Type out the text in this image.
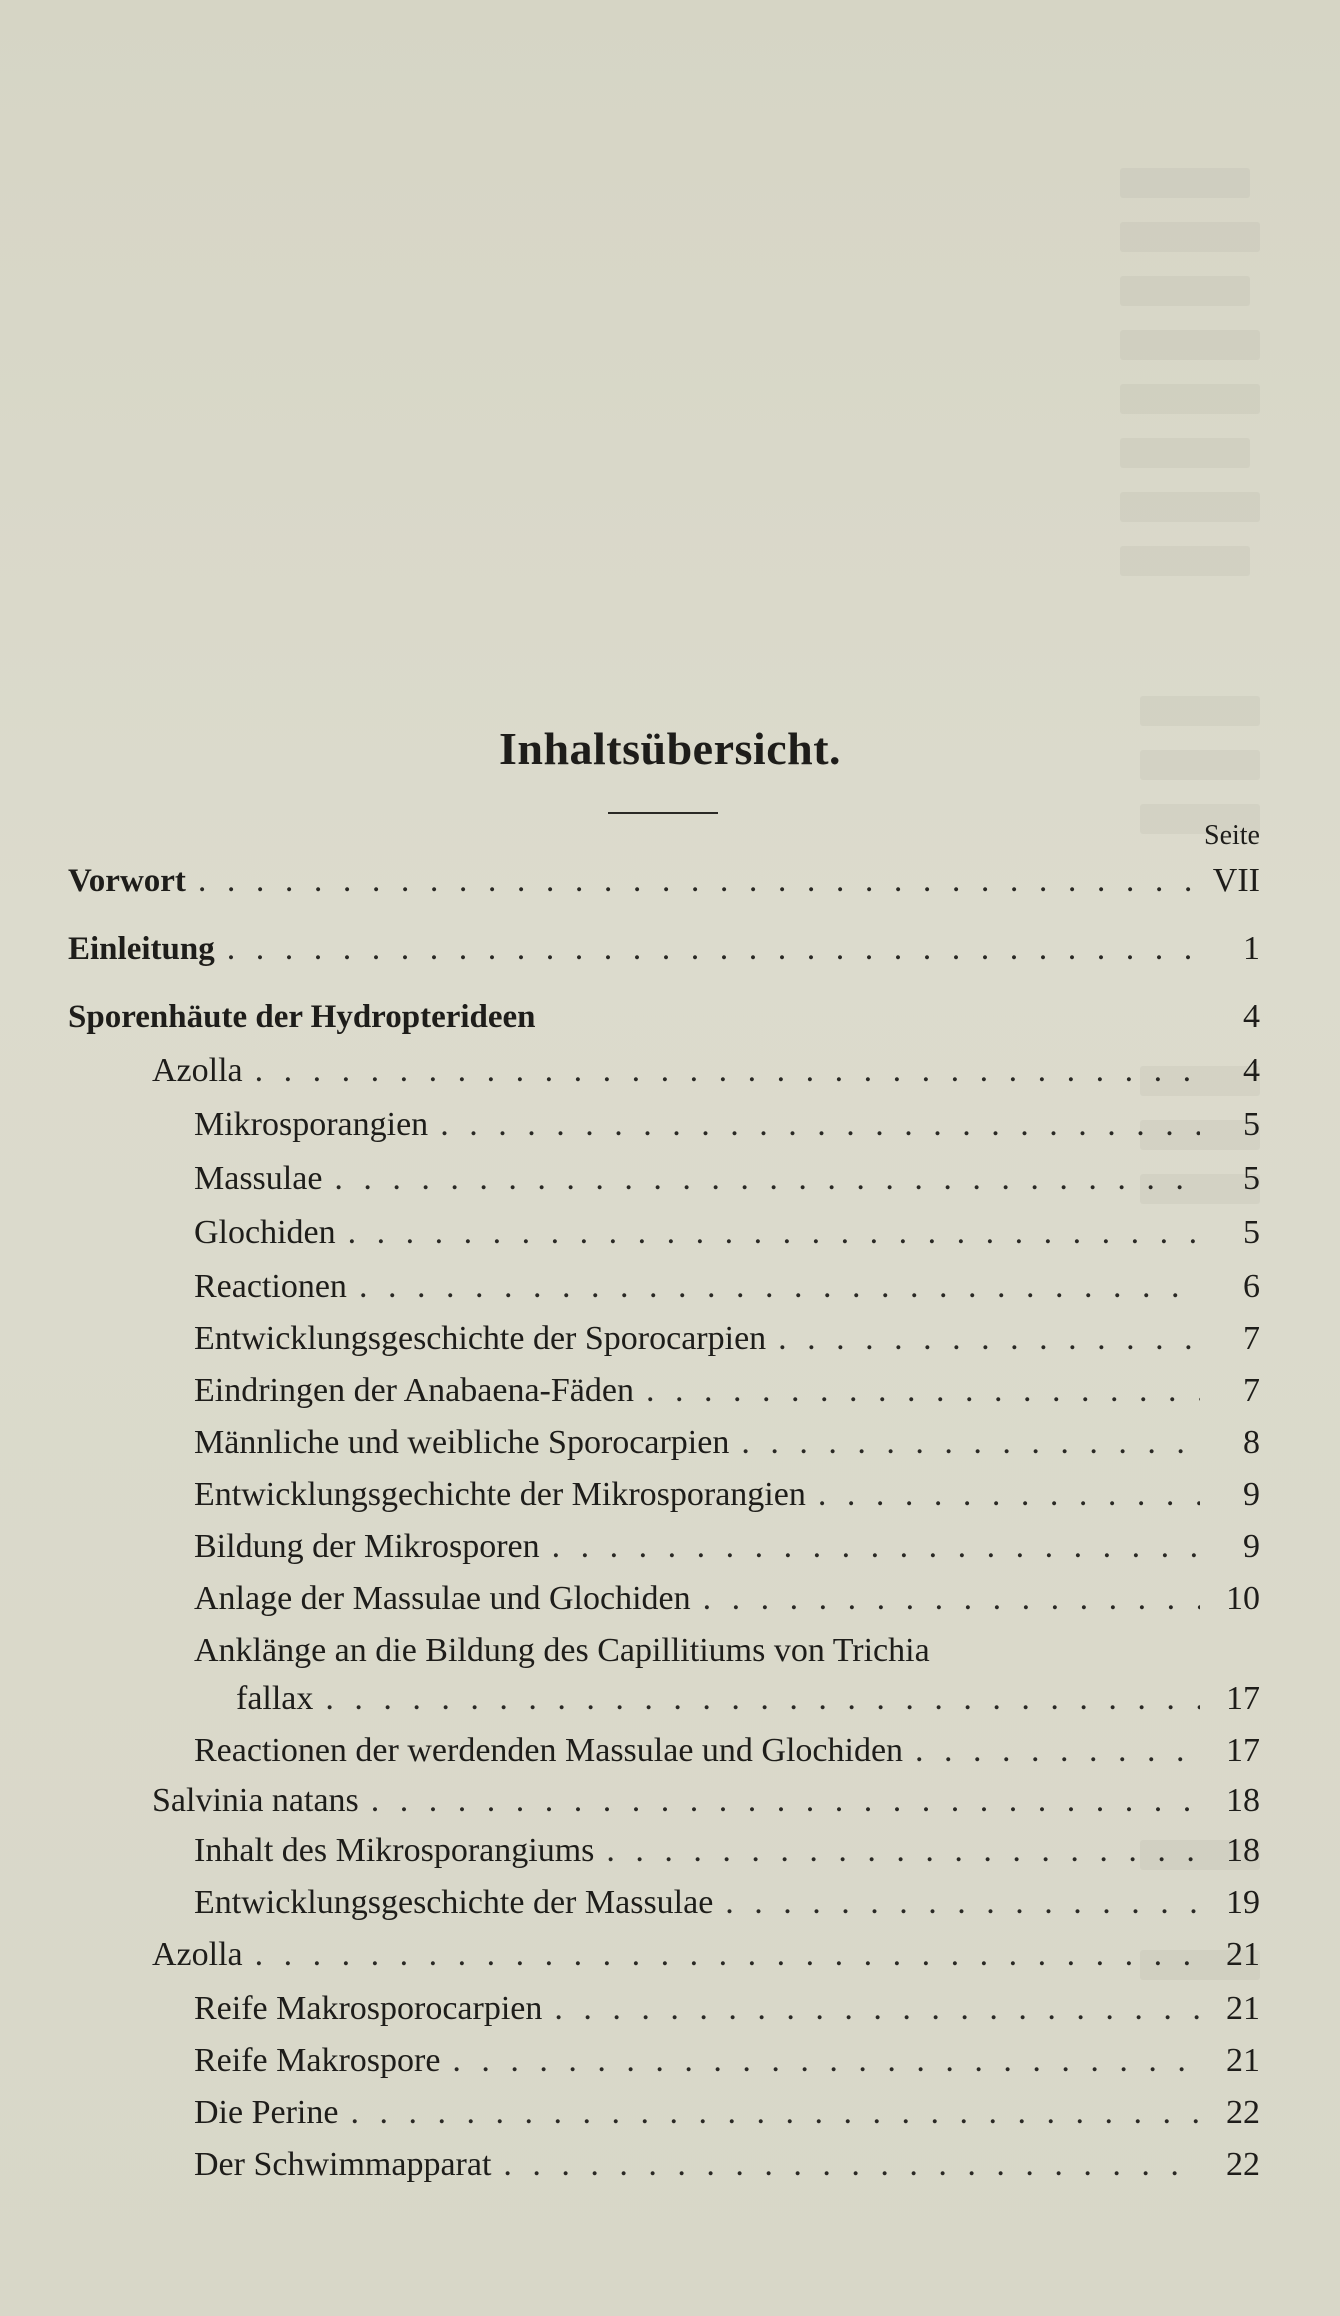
Inhaltsübersicht.
Seite
Vorwort . . .	VII
Einleitung . . .	1
Sporenhäute der Hydropterideen	4
Azolla . . .	4
Mikrosporangien . . .	5
Massulae . . .	5
Glochiden . . .	5
Reactionen . . .	6
Entwicklungsgeschichte der Sporocarpien . . .	7
Eindringen der Anabaena-Fäden . . .	7
Männliche und weibliche Sporocarpien . . .	8
Entwicklungsgechichte der Mikrosporangien . . .	9
Bildung der Mikrosporen . . .	9
Anlage der Massulae und Glochiden . . .	10
Anklänge an die Bildung des Capillitiums von Trichia
fallax . . .	17
Reactionen der werdenden Massulae und Glochiden . . .	17
Salvinia natans . . .	18
Inhalt des Mikrosporangiums . . .	18
Entwicklungsgeschichte der Massulae . . .	19
Azolla . . .	21
Reife Makrosporocarpien . . .	21
Reife Makrospore . . .	21
Die Perine . . .	22
Der Schwimmapparat . . .	22
